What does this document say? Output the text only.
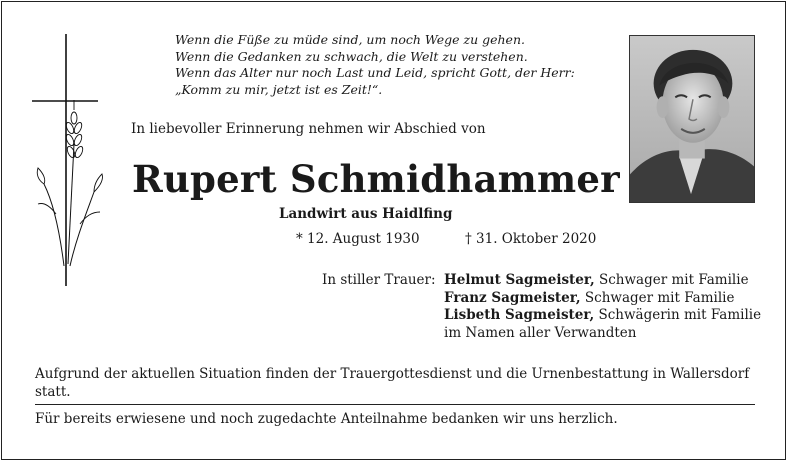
Wenn die Füße zu müde sind, um noch Wege zu gehen.
Wenn die Gedanken zu schwach, die Welt zu verstehen.
Wenn das Alter nur noch Last und Leid, spricht Gott, der Herr:
„Komm zu mir, jetzt ist es Zeit!“.
In liebevoller Erinnerung nehmen wir Abschied von
Rupert Schmidhammer
Landwirt aus Haidlfing
* 12. August 1930	† 31. Oktober 2020
In stiller Trauer: Helmut Sagmeister, Schwager mit Familie
Franz Sagmeister, Schwager mit Familie
Lisbeth Sagmeister, Schwägerin mit Familie
im Namen aller Verwandten
Aufgrund der aktuellen Situation finden der Trauergottesdienst und die Urnenbestattung in Wallersdorf statt.
Für bereits erwiesene und noch zugedachte Anteilnahme bedanken wir uns herzlich.
